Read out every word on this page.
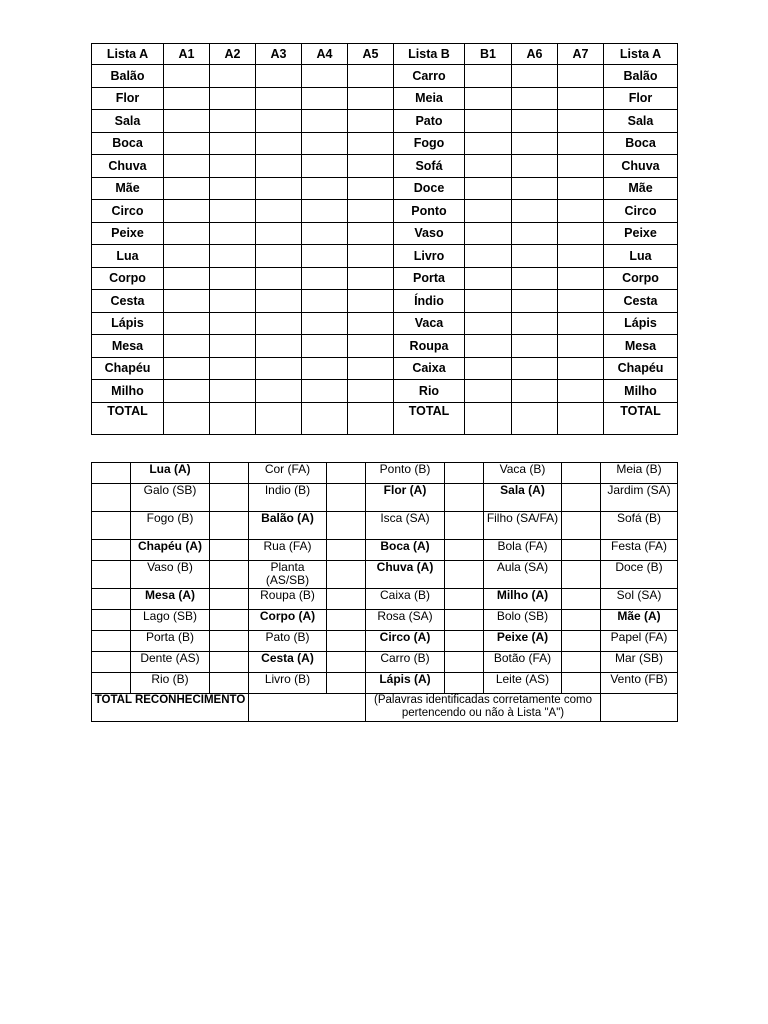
Lista A	A1	A2	A3	A4	A5	Lista B	B1	A6	A7	Lista A
Balão						Carro				Balão
Flor						Meia				Flor
Sala						Pato				Sala
Boca						Fogo				Boca
Chuva						Sofá				Chuva
Mãe						Doce				Mãe
Circo						Ponto				Circo
Peixe						Vaso				Peixe
Lua						Livro				Lua
Corpo						Porta				Corpo
Cesta						Índio				Cesta
Lápis						Vaca				Lápis
Mesa						Roupa				Mesa
Chapéu						Caixa				Chapéu
Milho						Rio				Milho
TOTAL						TOTAL				TOTAL
	Lua (A)		Cor (FA)		Ponto (B)		Vaca (B)		Meia (B)
	Galo (SB)		Indio (B)		Flor (A)		Sala (A)		Jardim (SA)
	Fogo (B)		Balão (A)		Isca (SA)		Filho (SA/FA)		Sofá (B)
	Chapéu (A)		Rua (FA)		Boca (A)		Bola (FA)		Festa (FA)
	Vaso (B)		Planta (AS/SB)		Chuva (A)		Aula (SA)		Doce (B)
	Mesa (A)		Roupa (B)		Caixa (B)		Milho (A)		Sol (SA)
	Lago (SB)		Corpo (A)		Rosa (SA)		Bolo (SB)		Mãe (A)
	Porta (B)		Pato (B)		Circo (A)		Peixe (A)		Papel (FA)
	Dente (AS)		Cesta (A)		Carro (B)		Botão (FA)		Mar (SB)
	Rio (B)		Livro (B)		Lápis (A)		Leite (AS)		Vento (FB)
TOTAL RECONHECIMENTO					(Palavras identificadas corretamente como pertencendo ou não à Lista "A")				
